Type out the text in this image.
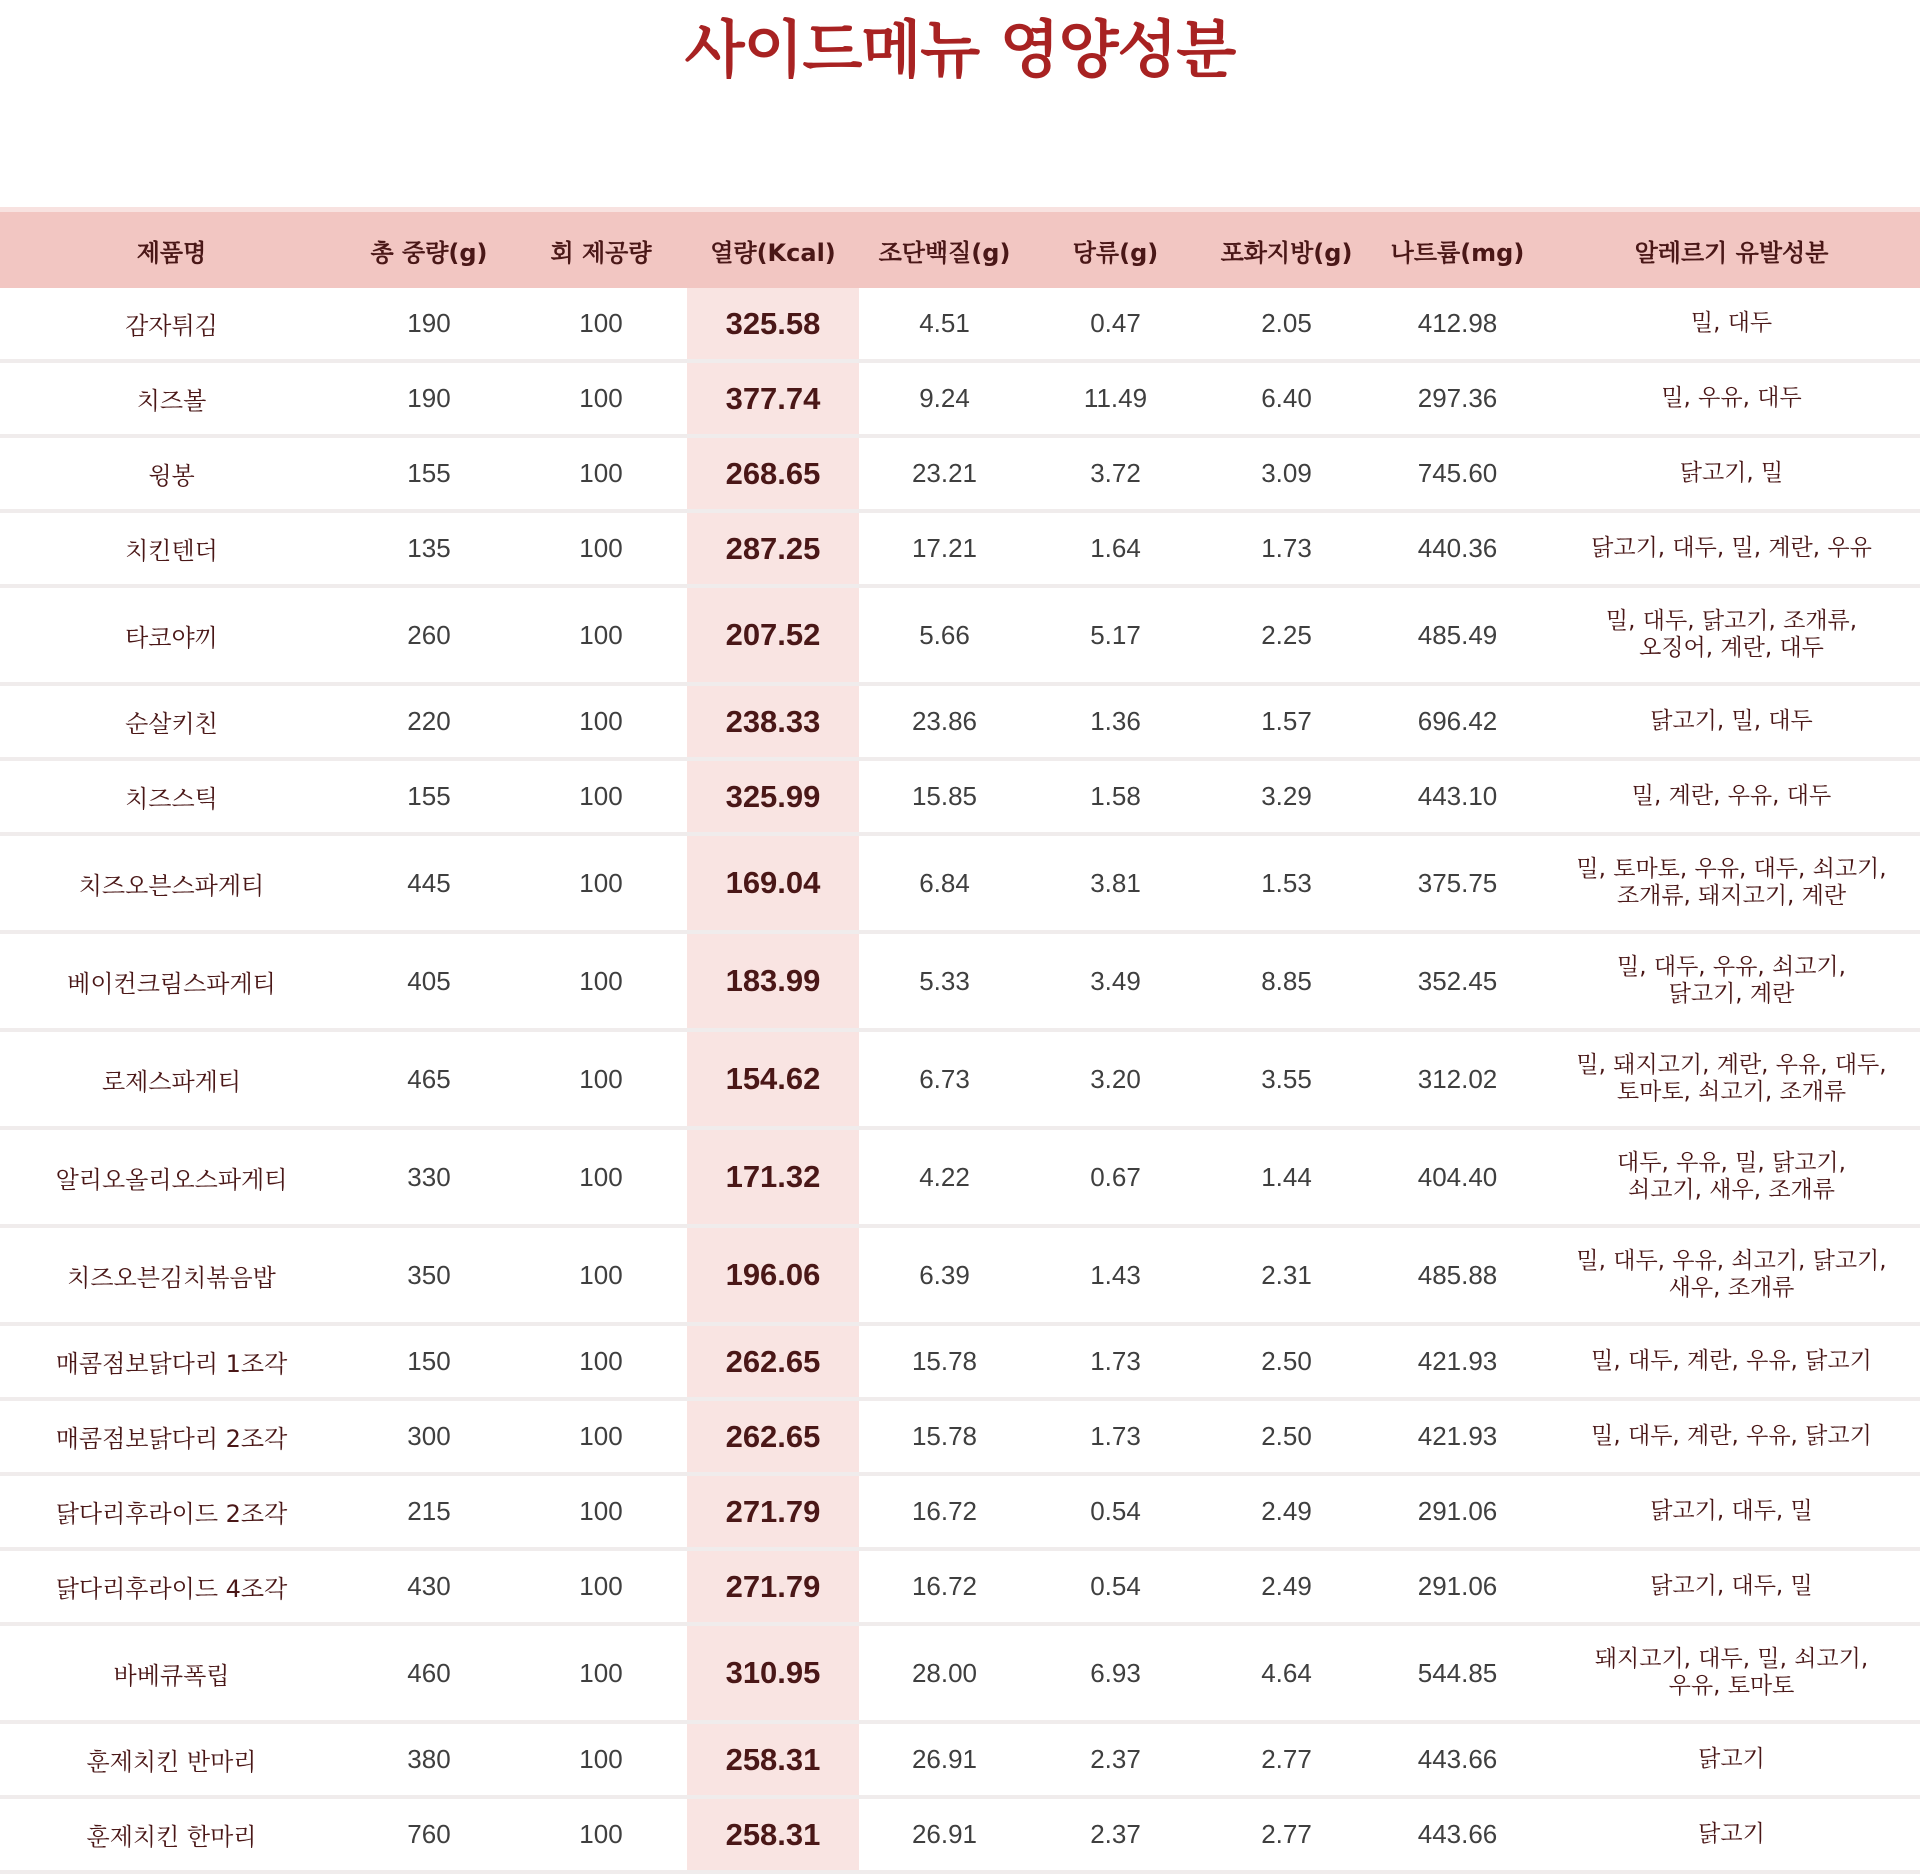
사이드메뉴 영양성분
제품명	총 중량(g)	회 제공량	열량(Kcal)	조단백질(g)	당류(g)	포화지방(g)	나트륨(mg)	알레르기 유발성분
감자튀김	190	100	325.58	4.51	0.47	2.05	412.98	밀, 대두

치즈볼	190	100	377.74	9.24	11.49	6.40	297.36	밀, 우유, 대두

윙봉	155	100	268.65	23.21	3.72	3.09	745.60	닭고기, 밀

치킨텐더	135	100	287.25	17.21	1.64	1.73	440.36	닭고기, 대두, 밀, 계란, 우유

타코야끼	260	100	207.52	5.66	5.17	2.25	485.49	밀, 대두, 닭고기, 조개류,
오징어, 계란, 대두

순살키친	220	100	238.33	23.86	1.36	1.57	696.42	닭고기, 밀, 대두

치즈스틱	155	100	325.99	15.85	1.58	3.29	443.10	밀, 계란, 우유, 대두

치즈오븐스파게티	445	100	169.04	6.84	3.81	1.53	375.75	밀, 토마토, 우유, 대두, 쇠고기,
조개류, 돼지고기, 계란

베이컨크림스파게티	405	100	183.99	5.33	3.49	8.85	352.45	밀, 대두, 우유, 쇠고기,
닭고기, 계란

로제스파게티	465	100	154.62	6.73	3.20	3.55	312.02	밀, 돼지고기, 계란, 우유, 대두,
토마토, 쇠고기, 조개류

알리오올리오스파게티	330	100	171.32	4.22	0.67	1.44	404.40	대두, 우유, 밀, 닭고기,
쇠고기, 새우, 조개류

치즈오븐김치볶음밥	350	100	196.06	6.39	1.43	2.31	485.88	밀, 대두, 우유, 쇠고기, 닭고기,
새우, 조개류

매콤점보닭다리 1조각	150	100	262.65	15.78	1.73	2.50	421.93	밀, 대두, 계란, 우유, 닭고기

매콤점보닭다리 2조각	300	100	262.65	15.78	1.73	2.50	421.93	밀, 대두, 계란, 우유, 닭고기

닭다리후라이드 2조각	215	100	271.79	16.72	0.54	2.49	291.06	닭고기, 대두, 밀

닭다리후라이드 4조각	430	100	271.79	16.72	0.54	2.49	291.06	닭고기, 대두, 밀

바베큐폭립	460	100	310.95	28.00	6.93	4.64	544.85	돼지고기, 대두, 밀, 쇠고기,
우유, 토마토

훈제치킨 반마리	380	100	258.31	26.91	2.37	2.77	443.66	닭고기

훈제치킨 한마리	760	100	258.31	26.91	2.37	2.77	443.66	닭고기
